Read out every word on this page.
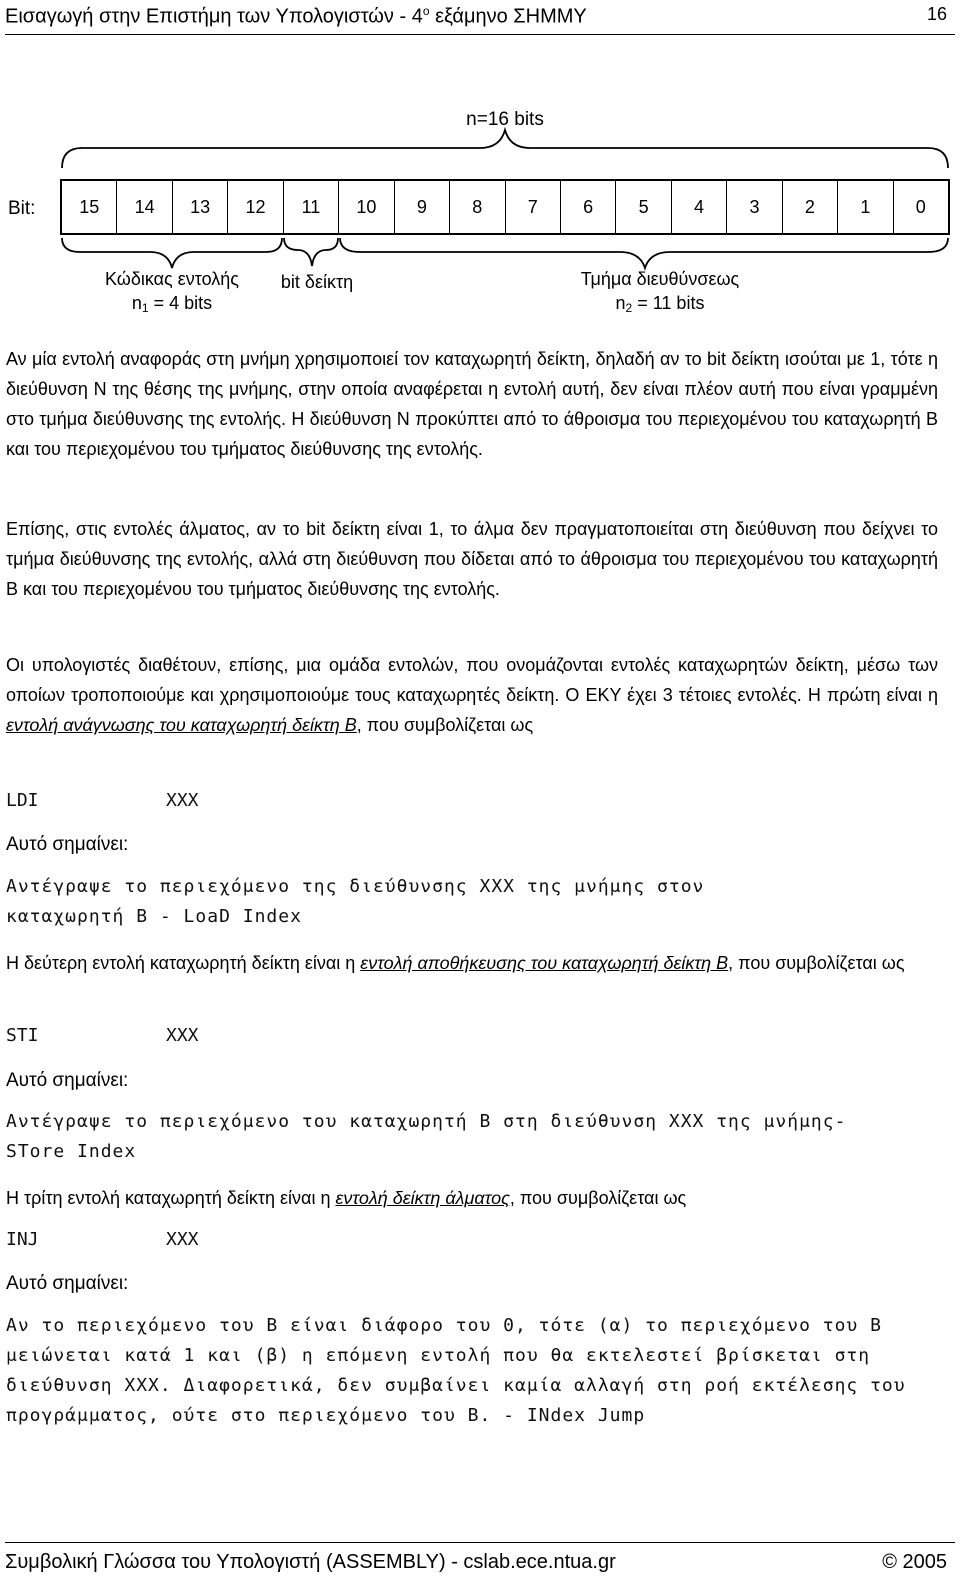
Εισαγωγή στην Επιστήμη των Υπολογιστών - $4^o$ εξάμηνο ΣΗΜΜΥ	16
n=16 bits
Bit:	15	14	13	12	11	10	9	8	7	6	5	4	3	2	1	0
Κώδικας εντολής
$n_1 = 4$ bits
bit δείκτη	Τμήμα διευθύνσεως
$n_2 = 11$ bits

Αν μία εντολή αναφοράς στη μνήμη χρησιμοποιεί τον καταχωρητή δείκτη, δηλαδή αν το bit δείκτη ισούται με 1, τότε η διεύθυνση N της θέσης της μνήμης, στην οποία αναφέρεται η εντολή αυτή, δεν είναι πλέον αυτή που είναι γραμμένη στο τμήμα διεύθυνσης της εντολής. Η διεύθυνση N προκύπτει από το άθροισμα του περιεχομένου του καταχωρητή B και του περιεχομένου του τμήματος διεύθυνσης της εντολής.

Επίσης, στις εντολές άλματος, αν το bit δείκτη είναι 1, το άλμα δεν πραγματοποιείται στη διεύθυνση που δείχνει το τμήμα διεύθυνσης της εντολής, αλλά στη διεύθυνση που δίδεται από το άθροισμα του περιεχομένου του καταχωρητή B και του περιεχομένου του τμήματος διεύθυνσης της εντολής.

Οι υπολογιστές διαθέτουν, επίσης, μια ομάδα εντολών, που ονομάζονται εντολές καταχωρητών δείκτη, μέσω των οποίων τροποποιούμε και χρησιμοποιούμε τους καταχωρητές δείκτη. Ο ΕΚΥ έχει 3 τέτοιες εντολές. Η πρώτη είναι η εντολή ανάγνωσης του καταχωρητή δείκτη B, που συμβολίζεται ως

LDI	XXX

Αυτό σημαίνει:

Αντέγραψε το περιεχόμενο της διεύθυνσης XXX της μνήμης στον καταχωρητή B - LoaD Index

Η δεύτερη εντολή καταχωρητή δείκτη είναι η εντολή αποθήκευσης του καταχωρητή δείκτη B, που συμβολίζεται ως

STI	XXX

Αυτό σημαίνει:

Αντέγραψε το περιεχόμενο του καταχωρητή B στη διεύθυνση XXX της μνήμης- STore Index

Η τρίτη εντολή καταχωρητή δείκτη είναι η εντολή δείκτη άλματος, που συμβολίζεται ως

INJ	XXX

Αυτό σημαίνει:

Αν το περιεχόμενο του B είναι διάφορο του 0, τότε (α) το περιεχόμενο του B μειώνεται κατά 1 και (β) η επόμενη εντολή που θα εκτελεστεί βρίσκεται στη διεύθυνση XXX. Διαφορετικά, δεν συμβαίνει καμία αλλαγή στη ροή εκτέλεσης του προγράμματος, ούτε στο περιεχόμενο του B. - INdex Jump

Συμβολική Γλώσσα του Υπολογιστή (ASSEMBLY) - cslab.ece.ntua.gr	© 2005
